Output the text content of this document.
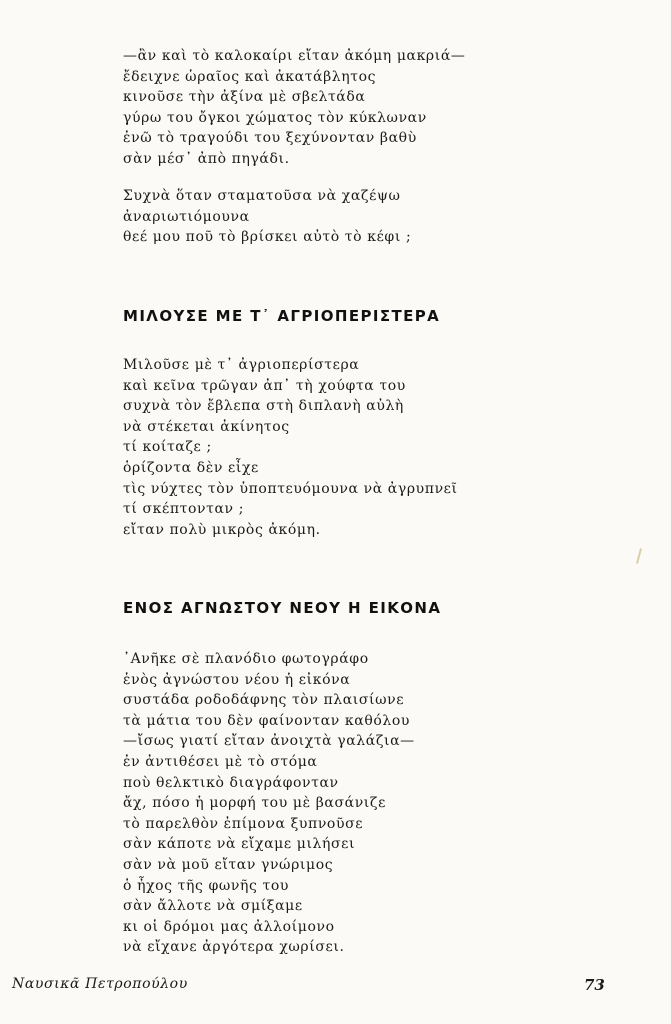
—ἂν καὶ τὸ καλοκαίρι εἴταν ἀκόμη μακριά—
ἔδειχνε ὡραῖος καὶ ἀκατάβλητος
κινοῦσε τὴν ἀξίνα μὲ σβελτάδα
γύρω του ὄγκοι χώματος τὸν κύκλωναν
ἐνῶ τὸ τραγούδι του ξεχύνονταν βαθὺ
σὰν μέσ᾽ ἀπὸ πηγάδι.
Συχνὰ ὅταν σταματοῦσα νὰ χαζέψω
ἀναριωτιόμουνα
θεέ μου ποῦ τὸ βρίσκει αὐτὸ τὸ κέφι ;
ΜΙΛΟΥΣΕ ΜΕ Τ᾽ ΑΓΡΙΟΠΕΡΙΣΤΕΡΑ
Μιλοῦσε μὲ τ᾽ ἀγριοπερίστερα
καὶ κεῖνα τρῶγαν ἀπ᾽ τὴ χούφτα του
συχνὰ τὸν ἔβλεπα στὴ διπλανὴ αὐλὴ
νὰ στέκεται ἀκίνητος
τί κοίταζε ;
ὁρίζοντα δὲν εἶχε
τὶς νύχτες τὸν ὑποπτευόμουνα νὰ ἀγρυπνεῖ
τί σκέπτονταν ;
εἴταν πολὺ μικρὸς ἀκόμη.
ΕΝΟΣ ΑΓΝΩΣΤΟΥ ΝΕΟΥ Η ΕΙΚΟΝΑ
᾽Ανῆκε σὲ πλανόδιο φωτογράφο
ἑνὸς ἀγνώστου νέου ἡ εἰκόνα
συστάδα ροδοδάφνης τὸν πλαισίωνε
τὰ μάτια του δὲν φαίνονταν καθόλου
—ἴσως γιατί εἴταν ἀνοιχτὰ γαλάζια—
ἐν ἀντιθέσει μὲ τὸ στόμα
ποὺ θελκτικὸ διαγράφονταν
ἄχ, πόσο ἡ μορφή του μὲ βασάνιζε
τὸ παρελθὸν ἐπίμονα ξυπνοῦσε
σὰν κάποτε νὰ εἴχαμε μιλήσει
σὰν νὰ μοῦ εἴταν γνώριμος
ὁ ἦχος τῆς φωνῆς του
σὰν ἄλλοτε νὰ σμίξαμε
κι οἱ δρόμοι μας ἀλλοίμονο
νὰ εἴχανε ἀργότερα χωρίσει.
Ναυσικᾶ Πετροπούλου	73
